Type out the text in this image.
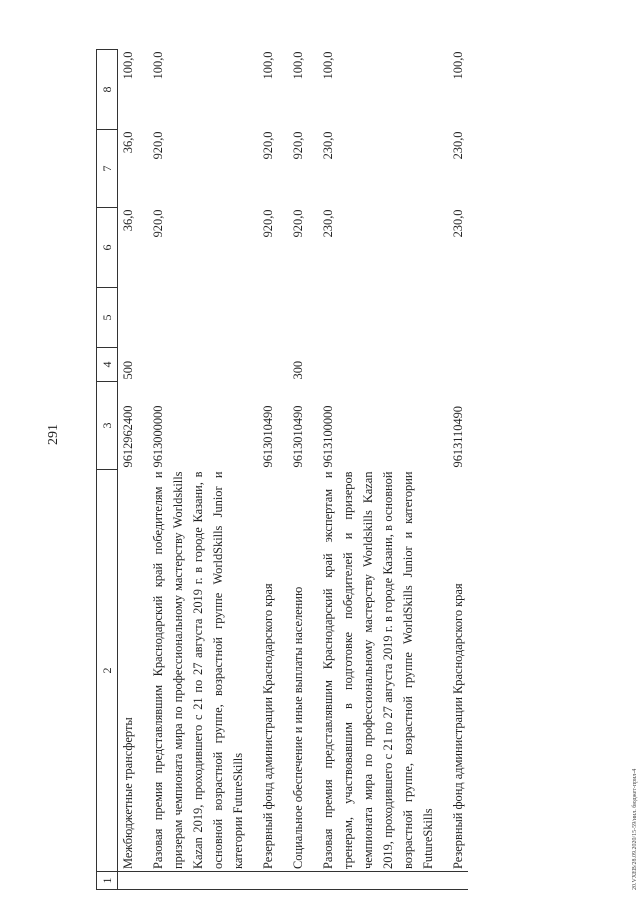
291
20.VXEB/28.09.2020/15-59/иил. бюджет-прил-4
1	2	3	4	5	6	7	8
	Межбюджетные трансферты	9612962400	500		36,0	36,0	100,0

	Разовая премия представлявшим Краснодарский край победителям и призерам чемпионата мира по профессиональному мастерству Worldskills Kazan 2019, проходившего с 21 по 27 августа 2019 г. в городе Казани, в основной возрастной группе, возрастной группе WorldSkills Junior и категории FutureSkills	9613000000			920,0	920,0	100,0

	Резервный фонд администрации Краснодарского края	9613010490			920,0	920,0	100,0

	Социальное обеспечение и иные выплаты населению	9613010490	300		920,0	920,0	100,0

	Разовая премия представлявшим Краснодарский край экспертам и тренерам, участвовавшим в подготовке победителей и призеров чемпионата мира по профессиональному мастерству Worldskills Kazan 2019, проходившего с 21 по 27 августа 2019 г. в городе Казани, в основной возрастной группе, возрастной группе WorldSkills Junior и категории FutureSkills	9613100000			230,0	230,0	100,0

	Резервный фонд администрации Краснодарского края	9613110490			230,0	230,0	100,0
